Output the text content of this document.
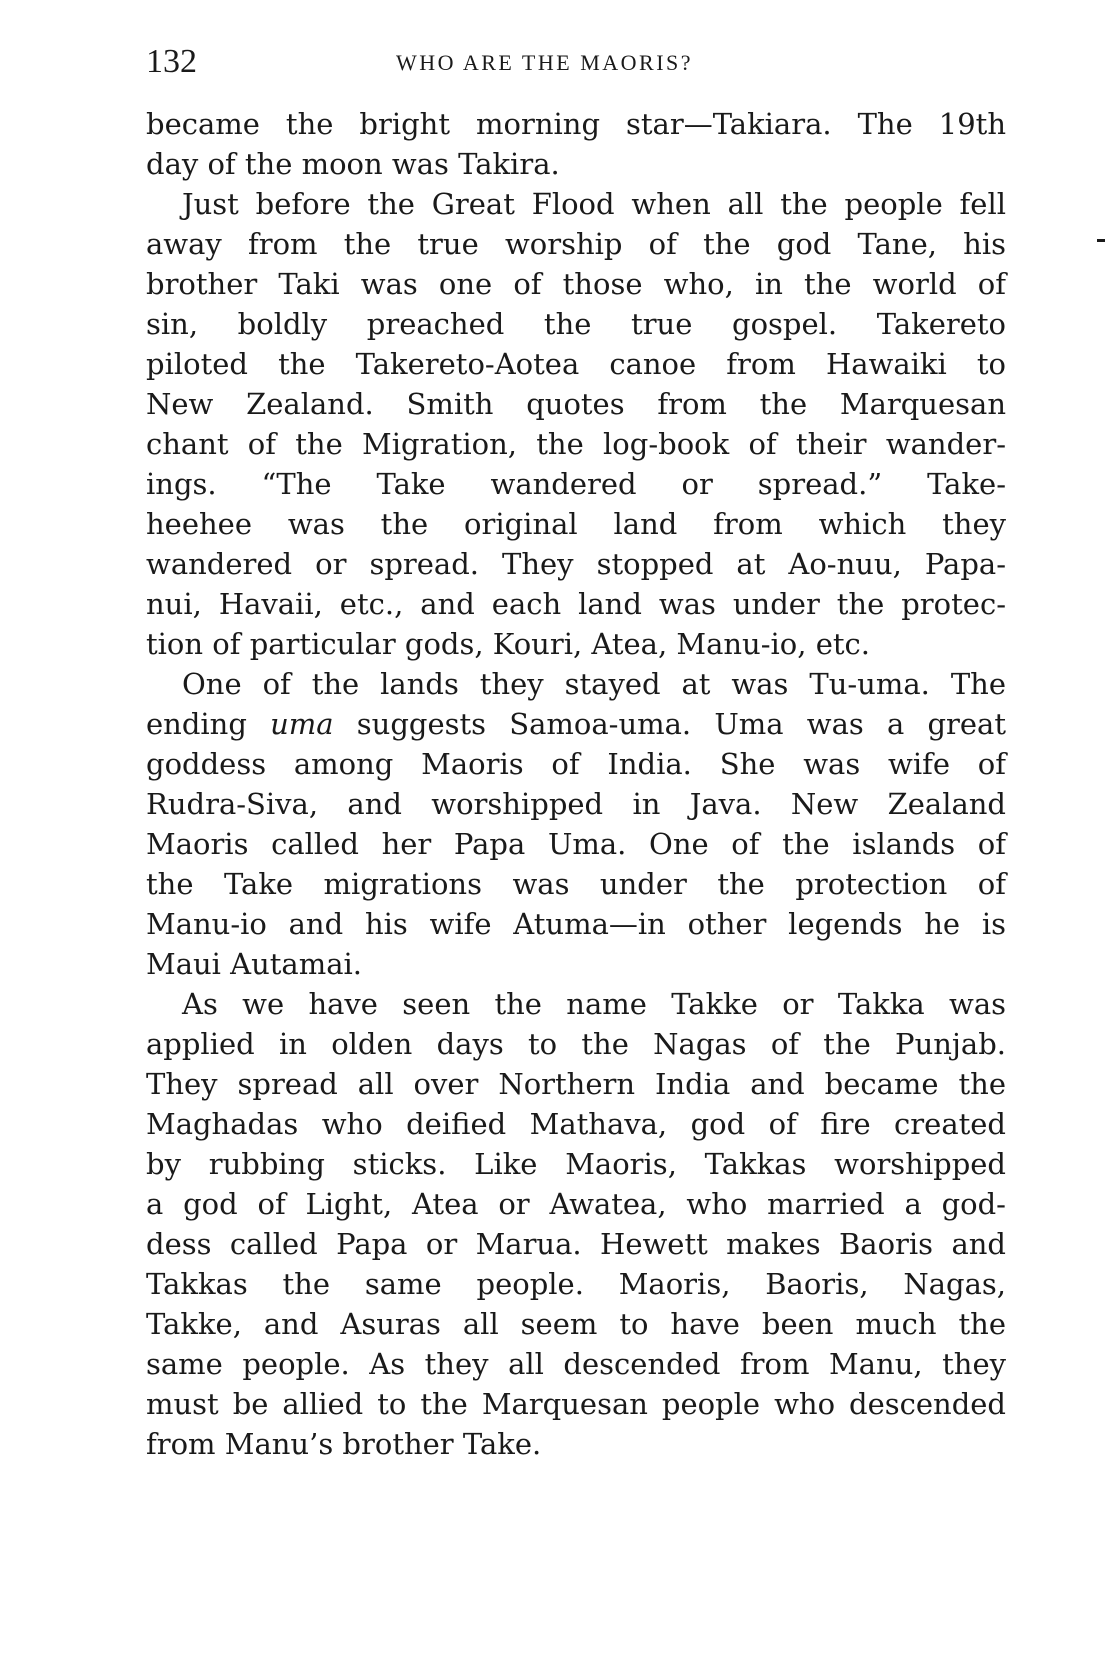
132	WHO ARE THE MAORIS?
became the bright morning star—Takiara. The 19th
day of the moon was Takira.
Just before the Great Flood when all the people fell
away from the true worship of the god Tane, his
brother Taki was one of those who, in the world of
sin, boldly preached the true gospel. Takereto
piloted the Takereto-Aotea canoe from Hawaiki to
New Zealand. Smith quotes from the Marquesan
chant of the Migration, the log-book of their wander-
ings. “The Take wandered or spread.” Take-
heehee was the original land from which they
wandered or spread. They stopped at Ao-nuu, Papa-
nui, Havaii, etc., and each land was under the protec-
tion of particular gods, Kouri, Atea, Manu-io, etc.
One of the lands they stayed at was Tu-uma. The
ending uma suggests Samoa-uma. Uma was a great
goddess among Maoris of India. She was wife of
Rudra-Siva, and worshipped in Java. New Zealand
Maoris called her Papa Uma. One of the islands of
the Take migrations was under the protection of
Manu-io and his wife Atuma—in other legends he is
Maui Autamai.
As we have seen the name Takke or Takka was
applied in olden days to the Nagas of the Punjab.
They spread all over Northern India and became the
Maghadas who deified Mathava, god of fire created
by rubbing sticks. Like Maoris, Takkas worshipped
a god of Light, Atea or Awatea, who married a god-
dess called Papa or Marua. Hewett makes Baoris and
Takkas the same people. Maoris, Baoris, Nagas,
Takke, and Asuras all seem to have been much the
same people. As they all descended from Manu, they
must be allied to the Marquesan people who descended
from Manu’s brother Take.
